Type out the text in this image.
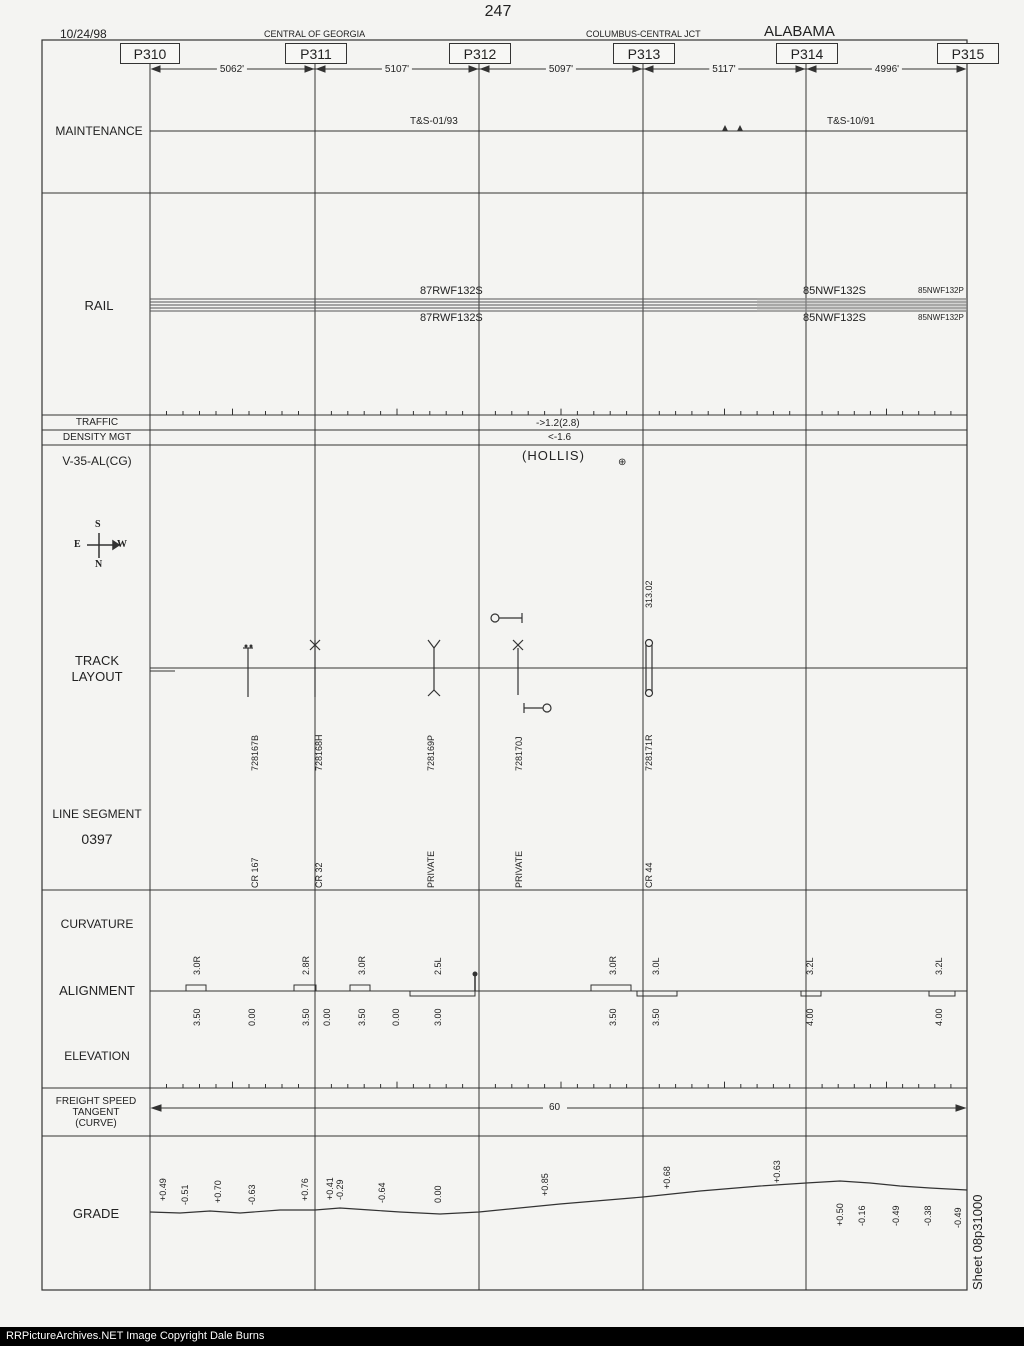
10/24/98
247
CENTRAL OF GEORGIA	COLUMBUS-CENTRAL JCT	ALABAMA
P310	P311	P312	P313	P314	P315
5062'	5107'	5097'	5117'	4996'
MAINTENANCE
RAIL
TRAFFIC
DENSITY MGT
V-35-AL(CG)
TRACK
LAYOUT
LINE SEGMENT
0397
CURVATURE
ALIGNMENT
ELEVATION
FREIGHT SPEED
TANGENT
(CURVE)
GRADE
T&S-01/93	T&S-10/91
87RWF132S	85NWF132S	85NWF132P
87RWF132S	85NWF132S	85NWF132P
->1.2(2.8)
<-1.6
(HOLLIS)	⊕
S
E	W
N
313.02
728167B	728168H	728169P	728170J	728171R
CR 167	CR 32	PRIVATE	PRIVATE	CR 44
3.0R	2.8R	3.0R	2.5L	3.0R	3.0L	3.2L	3.2L
3.50	0.00	3.50 0.00	3.50	0.00	3.00	3.50	3.50	4.00	4.00
60
+0.49 -0.51	+0.70	-0.63	+0.76 +0.41 -0.29	-0.64	0.00	+0.85	+0.68	+0.63
+0.50 -0.16	-0.49 -0.38 -0.49 Sheet 08p31000
RRPictureArchives.NET Image Copyright Dale Burns
